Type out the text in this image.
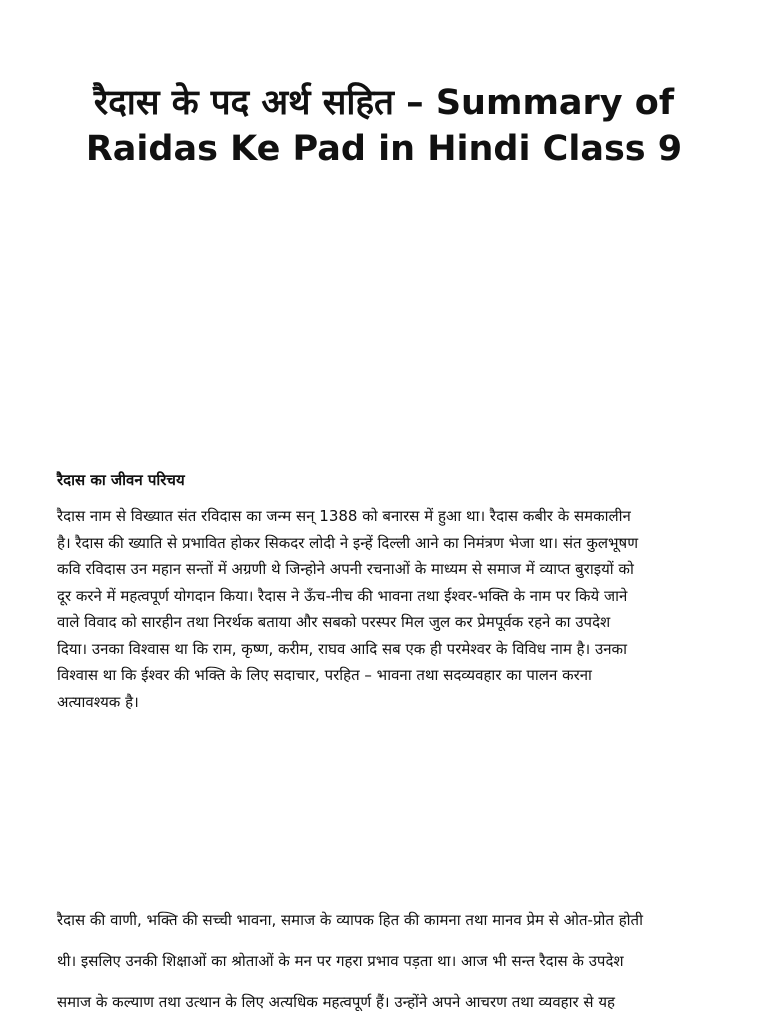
रैदास के पद अर्थ सहित – Summary of Raidas Ke Pad in Hindi Class 9
रैदास का जीवन परिचय

रैदास नाम से विख्यात संत रविदास का जन्म सन् 1388 को बनारस में हुआ था। रैदास कबीर के समकालीन
है। रैदास की ख्याति से प्रभावित होकर सिकदर लोदी ने इन्हें दिल्ली आने का निमंत्रण भेजा था। संत कुलभूषण
कवि रविदास उन महान सन्तों में अग्रणी थे जिन्होने अपनी रचनाओं के माध्यम से समाज में व्याप्त बुराइयों को
दूर करने में महत्वपूर्ण योगदान किया। रैदास ने ऊँच-नीच की भावना तथा ईश्वर-भक्ति के नाम पर किये जाने
वाले विवाद को सारहीन तथा निरर्थक बताया और सबको परस्पर मिल जुल कर प्रेमपूर्वक रहने का उपदेश
दिया। उनका विश्वास था कि राम, कृष्ण, करीम, राघव आदि सब एक ही परमेश्वर के विविध नाम है। उनका
विश्वास था कि ईश्वर की भक्ति के लिए सदाचार, परहित – भावना तथा सदव्यवहार का पालन करना
अत्यावश्यक है।

रैदास की वाणी, भक्ति की सच्ची भावना, समाज के व्यापक हित की कामना तथा मानव प्रेम से ओत-प्रोत होती
थी। इसलिए उनकी शिक्षाओं का श्रोताओं के मन पर गहरा प्रभाव पड़ता था। आज भी सन्त रैदास के उपदेश
समाज के कल्याण तथा उत्थान के लिए अत्यधिक महत्वपूर्ण हैं। उन्होंने अपने आचरण तथा व्यवहार से यह
